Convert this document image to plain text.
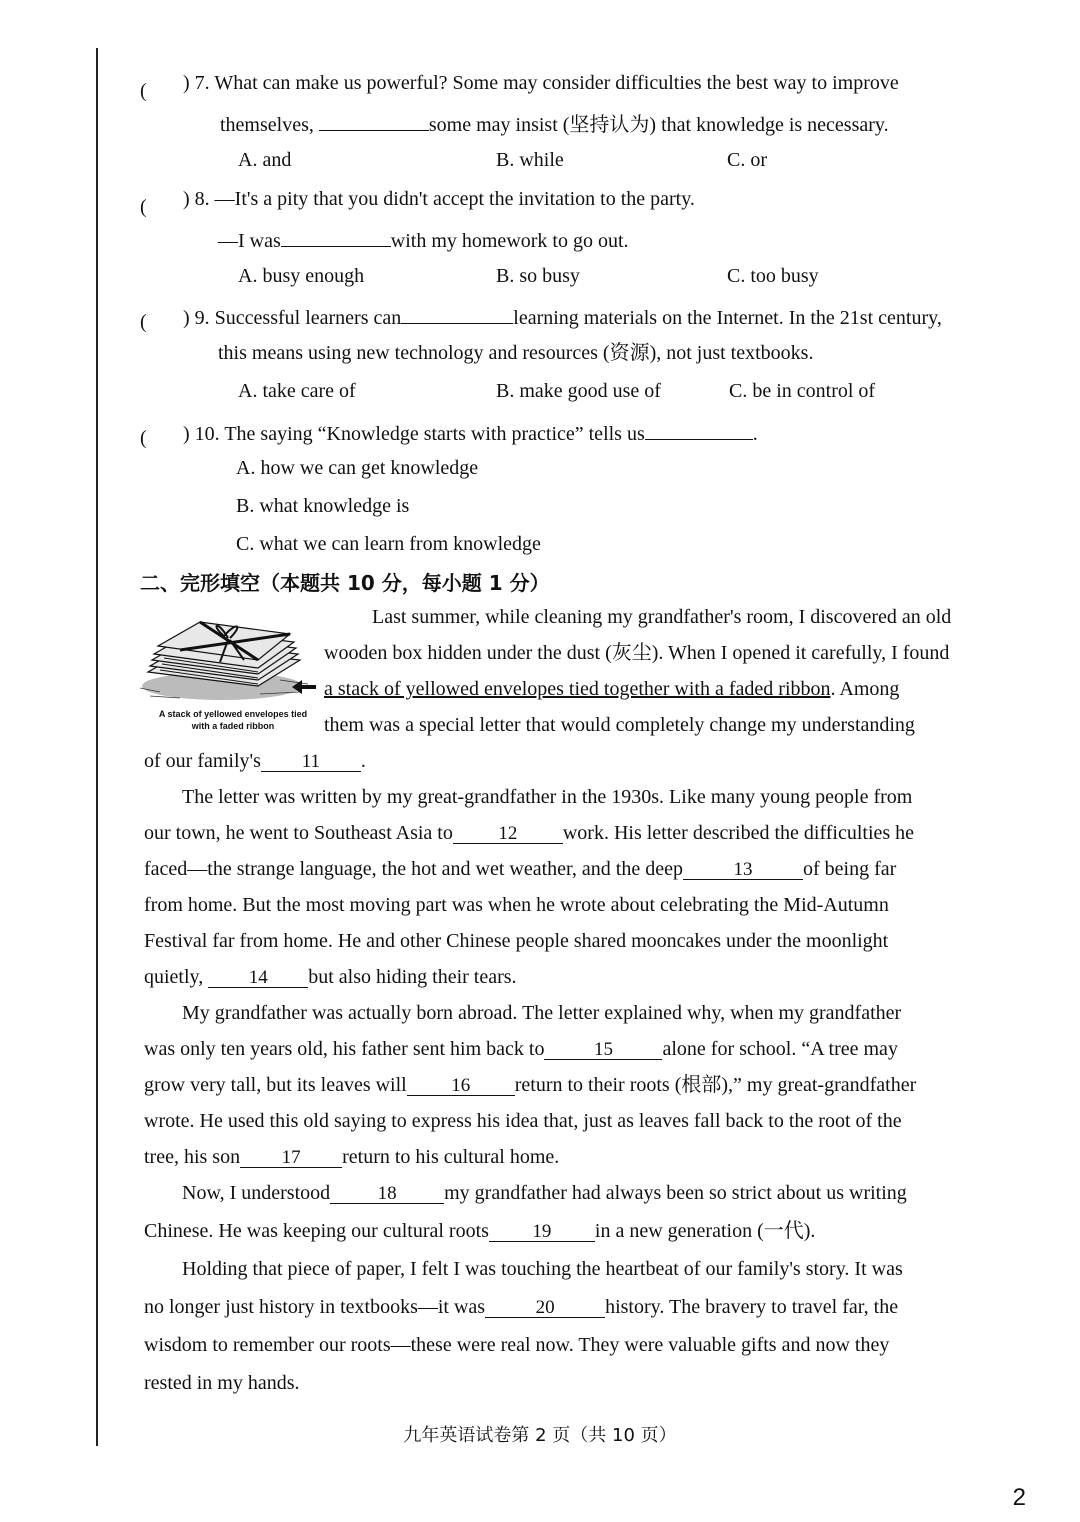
( ) 7. What can make us powerful? Some may consider difficulties the best way to improve
themselves,	some may insist (坚持认为) that knowledge is necessary.
A. and	B. while	C. or
( ) 8. —It's a pity that you didn't accept the invitation to the party.
—I was	with my homework to go out.
A. busy enough	B. so busy	C. too busy
( ) 9. Successful learners can	learning materials on the Internet. In the 21st century,
this means using new technology and resources (资源), not just textbooks.
A. take care of	B. make good use of	C. be in control of
( ) 10. The saying “Knowledge starts with practice” tells us	.
A. how we can get knowledge
B. what knowledge is
C. what we can learn from knowledge
二、完形填空（本题共 10 分，每小题 1 分）
A stack of yellowed envelopes tied with a faded ribbon
Last summer, while cleaning my grandfather's room, I discovered an old
wooden box hidden under the dust (灰尘). When I opened it carefully, I found
a stack of yellowed envelopes tied together with a faded ribbon. Among
them was a special letter that would completely change my understanding
of our family's 11 .
The letter was written by my great-grandfather in the 1930s. Like many young people from
our town, he went to Southeast Asia to 12 work. His letter described the difficulties he
faced—the strange language, the hot and wet weather, and the deep	13	of being far
from home. But the most moving part was when he wrote about celebrating the Mid-Autumn
Festival far from home. He and other Chinese people shared mooncakes under the moonlight
quietly, 14 but also hiding their tears.
My grandfather was actually born abroad. The letter explained why, when my grandfather
was only ten years old, his father sent him back to	15 alone for school. “A tree may
grow very tall, but its leaves will 16 return to their roots (根部),” my great-grandfather
wrote. He used this old saying to express his idea that, just as leaves fall back to the root of the
tree, his son 17 return to his cultural home.
Now, I understood	18 my grandfather had always been so strict about us writing
Chinese. He was keeping our cultural roots 19 in a new generation (一代).
Holding that piece of paper, I felt I was touching the heartbeat of our family's story. It was
no longer just history in textbooks—it was	20	history. The bravery to travel far, the
wisdom to remember our roots—these were real now. They were valuable gifts and now they
rested in my hands.
九年英语试卷第 2 页（共 10 页）
2
